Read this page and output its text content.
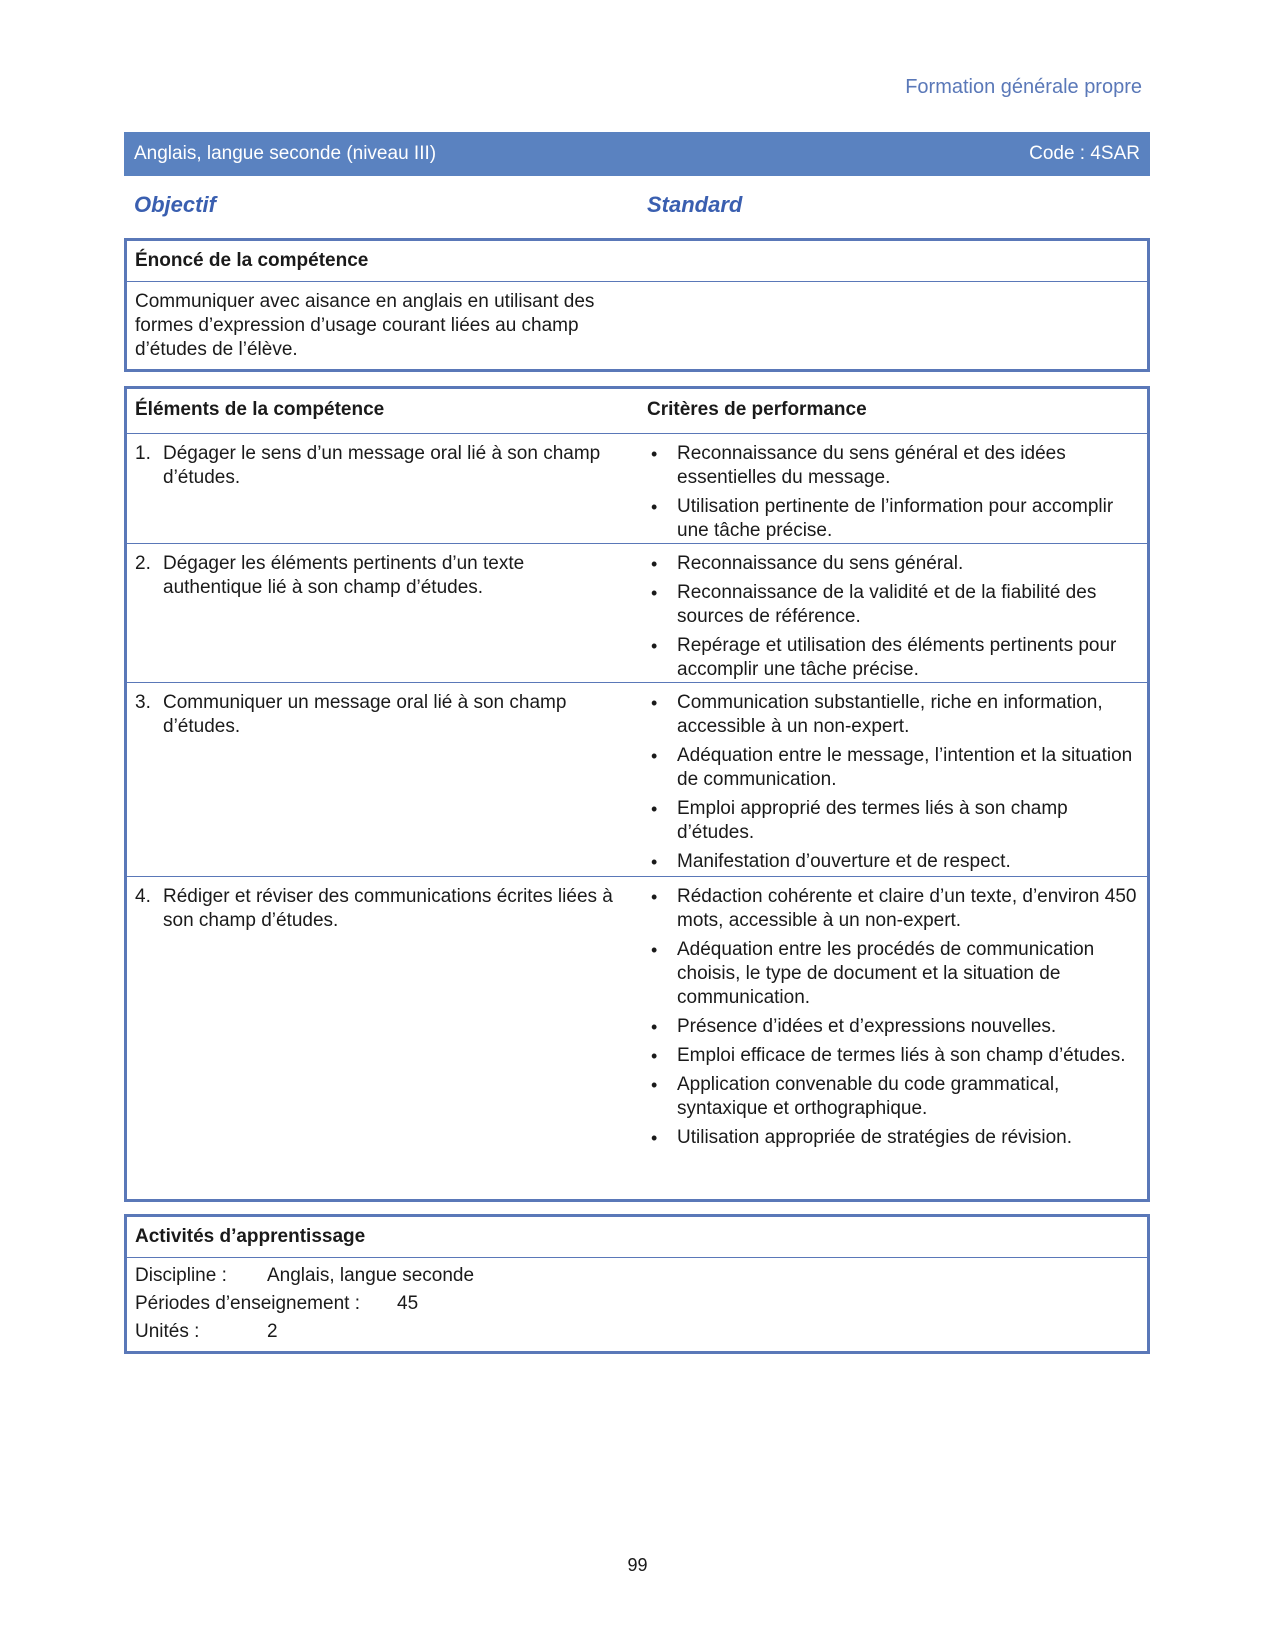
Formation générale propre
Anglais, langue seconde (niveau III)	Code : 4SAR
Objectif	Standard
Énoncé de la compétence
Communiquer avec aisance en anglais en utilisant des formes d’expression d’usage courant liées au champ d’études de l’élève.
Éléments de la compétence	Critères de performance
1. Dégager le sens d’un message oral lié à son champ d’études.
• Reconnaissance du sens général et des idées essentielles du message.
• Utilisation pertinente de l’information pour accomplir une tâche précise.
2. Dégager les éléments pertinents d’un texte authentique lié à son champ d’études.
• Reconnaissance du sens général.
• Reconnaissance de la validité et de la fiabilité des sources de référence.
• Repérage et utilisation des éléments pertinents pour accomplir une tâche précise.
3. Communiquer un message oral lié à son champ d’études.
• Communication substantielle, riche en information, accessible à un non-expert.
• Adéquation entre le message, l’intention et la situation de communication.
• Emploi approprié des termes liés à son champ d’études.
• Manifestation d’ouverture et de respect.
4. Rédiger et réviser des communications écrites liées à son champ d’études.
• Rédaction cohérente et claire d’un texte, d’environ 450 mots, accessible à un non-expert.
• Adéquation entre les procédés de communication choisis, le type de document et la situation de communication.
• Présence d’idées et d’expressions nouvelles.
• Emploi efficace de termes liés à son champ d’études.
• Application convenable du code grammatical, syntaxique et orthographique.
• Utilisation appropriée de stratégies de révision.
Activités d’apprentissage
Discipline : Anglais, langue seconde
Périodes d’enseignement : 45
Unités :	2
99
